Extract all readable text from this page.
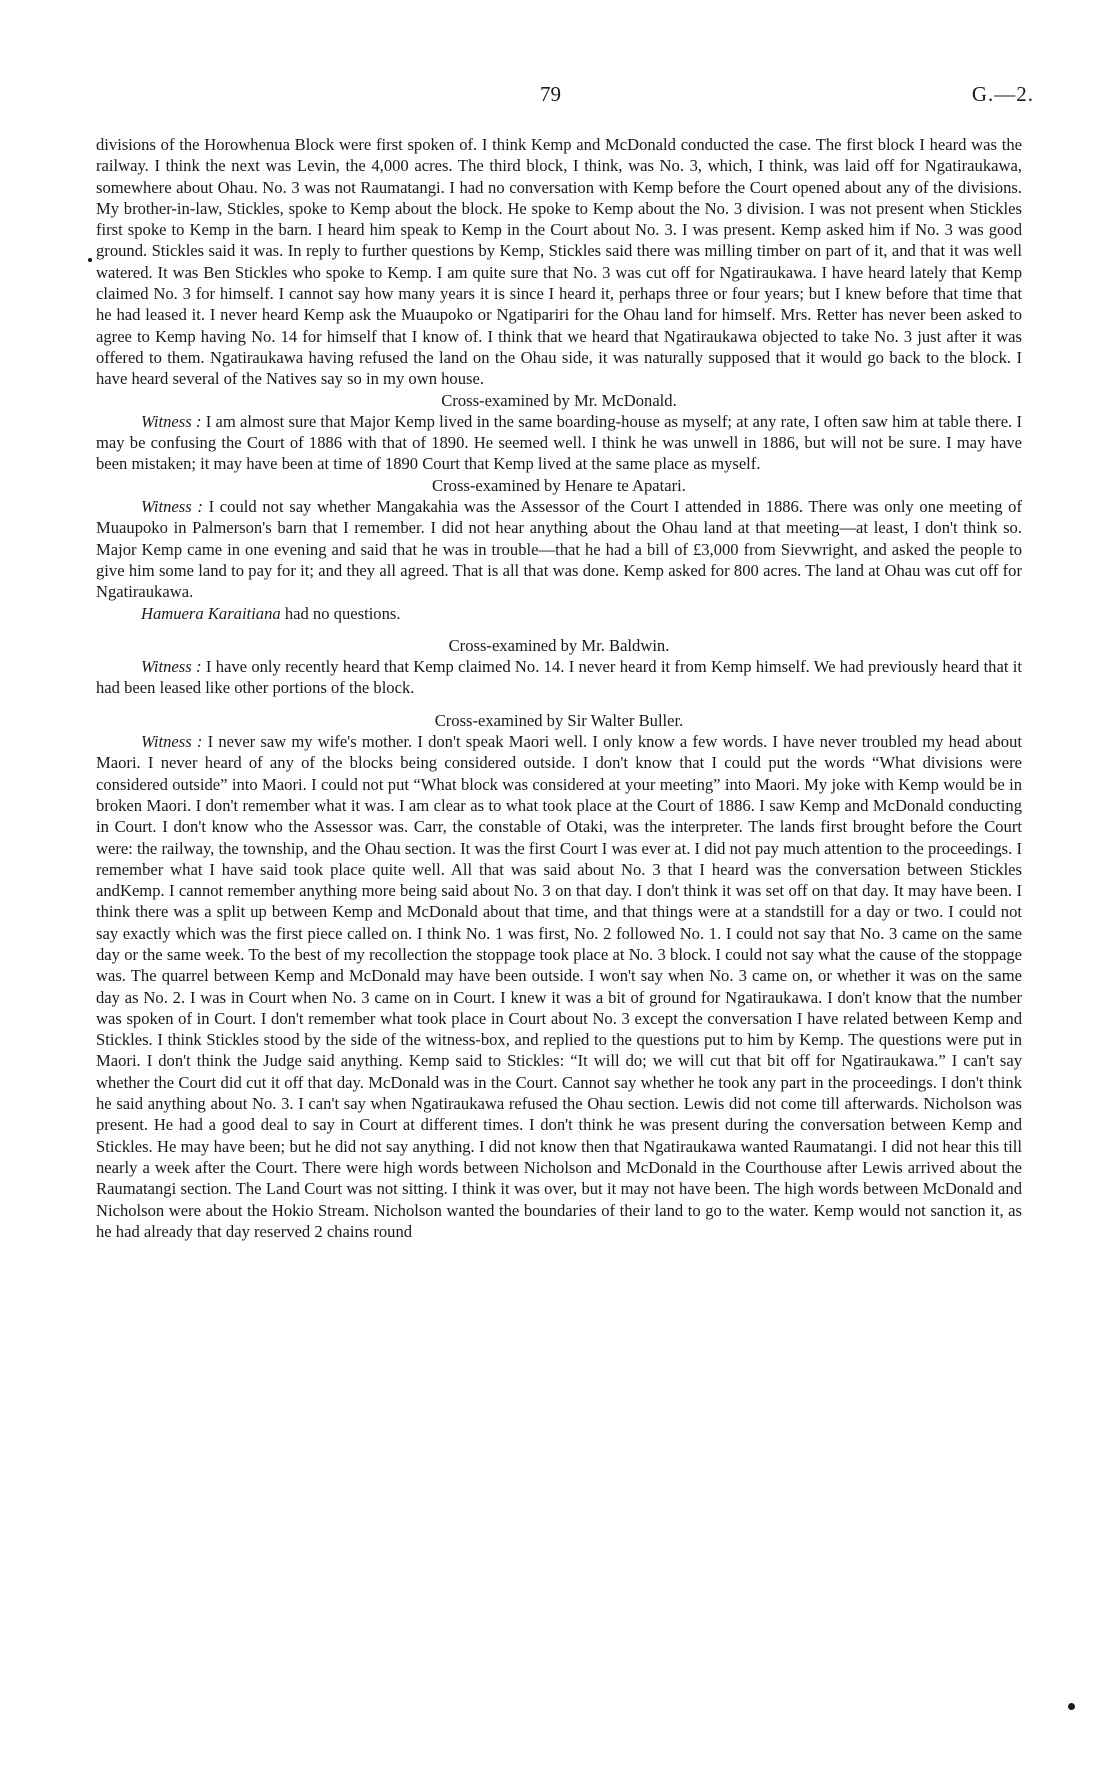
79	G.—2.

divisions of the Horowhenua Block were first spoken of. I think Kemp and McDonald conducted the case. The first block I heard was the railway. I think the next was Levin, the 4,000 acres. The third block, I think, was No. 3, which, I think, was laid off for Ngatiraukawa, somewhere about Ohau. No. 3 was not Raumatangi. I had no conversation with Kemp before the Court opened about any of the divisions. My brother-in-law, Stickles, spoke to Kemp about the block. He spoke to Kemp about the No. 3 division. I was not present when Stickles first spoke to Kemp in the barn. I heard him speak to Kemp in the Court about No. 3. I was present. Kemp asked him if No. 3 was good ground. Stickles said it was. In reply to further questions by Kemp, Stickles said there was milling timber on part of it, and that it was well watered. It was Ben Stickles who spoke to Kemp. I am quite sure that No. 3 was cut off for Ngatiraukawa. I have heard lately that Kemp claimed No. 3 for himself. I cannot say how many years it is since I heard it, perhaps three or four years; but I knew before that time that he had leased it. I never heard Kemp ask the Muaupoko or Ngatipariri for the Ohau land for himself. Mrs. Retter has never been asked to agree to Kemp having No. 14 for himself that I know of. I think that we heard that Ngatiraukawa objected to take No. 3 just after it was offered to them. Ngatiraukawa having refused the land on the Ohau side, it was naturally supposed that it would go back to the block. I have heard several of the Natives say so in my own house.

Cross-examined by Mr. McDonald.

Witness : I am almost sure that Major Kemp lived in the same boarding-house as myself; at any rate, I often saw him at table there. I may be confusing the Court of 1886 with that of 1890. He seemed well. I think he was unwell in 1886, but will not be sure. I may have been mistaken; it may have been at time of 1890 Court that Kemp lived at the same place as myself.

Cross-examined by Henare te Apatari.

Witness : I could not say whether Mangakahia was the Assessor of the Court I attended in 1886. There was only one meeting of Muaupoko in Palmerson's barn that I remember. I did not hear anything about the Ohau land at that meeting—at least, I don't think so. Major Kemp came in one evening and said that he was in trouble—that he had a bill of £3,000 from Sievwright, and asked the people to give him some land to pay for it; and they all agreed. That is all that was done. Kemp asked for 800 acres. The land at Ohau was cut off for Ngatiraukawa.

Hamuera Karaitiana had no questions.

Cross-examined by Mr. Baldwin.

Witness : I have only recently heard that Kemp claimed No. 14. I never heard it from Kemp himself. We had previously heard that it had been leased like other portions of the block.

Cross-examined by Sir Walter Buller.

Witness : I never saw my wife's mother. I don't speak Maori well. I only know a few words. I have never troubled my head about Maori. I never heard of any of the blocks being considered outside. I don't know that I could put the words “What divisions were considered outside” into Maori. I could not put “What block was considered at your meeting” into Maori. My joke with Kemp would be in broken Maori. I don't remember what it was. I am clear as to what took place at the Court of 1886. I saw Kemp and McDonald conducting in Court. I don't know who the Assessor was. Carr, the constable of Otaki, was the interpreter. The lands first brought before the Court were: the railway, the township, and the Ohau section. It was the first Court I was ever at. I did not pay much attention to the proceedings. I remember what I have said took place quite well. All that was said about No. 3 that I heard was the conversation between Stickles andKemp. I cannot remember anything more being said about No. 3 on that day. I don't think it was set off on that day. It may have been. I think there was a split up between Kemp and McDonald about that time, and that things were at a standstill for a day or two. I could not say exactly which was the first piece called on. I think No. 1 was first, No. 2 followed No. 1. I could not say that No. 3 came on the same day or the same week. To the best of my recollection the stoppage took place at No. 3 block. I could not say what the cause of the stoppage was. The quarrel between Kemp and McDonald may have been outside. I won't say when No. 3 came on, or whether it was on the same day as No. 2. I was in Court when No. 3 came on in Court. I knew it was a bit of ground for Ngatiraukawa. I don't know that the number was spoken of in Court. I don't remember what took place in Court about No. 3 except the conversation I have related between Kemp and Stickles. I think Stickles stood by the side of the witness-box, and replied to the questions put to him by Kemp. The questions were put in Maori. I don't think the Judge said anything. Kemp said to Stickles: “It will do; we will cut that bit off for Ngatiraukawa.” I can't say whether the Court did cut it off that day. McDonald was in the Court. Cannot say whether he took any part in the proceedings. I don't think he said anything about No. 3. I can't say when Ngatiraukawa refused the Ohau section. Lewis did not come till afterwards. Nicholson was present. He had a good deal to say in Court at different times. I don't think he was present during the conversation between Kemp and Stickles. He may have been; but he did not say anything. I did not know then that Ngatiraukawa wanted Raumatangi. I did not hear this till nearly a week after the Court. There were high words between Nicholson and McDonald in the Courthouse after Lewis arrived about the Raumatangi section. The Land Court was not sitting. I think it was over, but it may not have been. The high words between McDonald and Nicholson were about the Hokio Stream. Nicholson wanted the boundaries of their land to go to the water. Kemp would not sanction it, as he had already that day reserved 2 chains round
